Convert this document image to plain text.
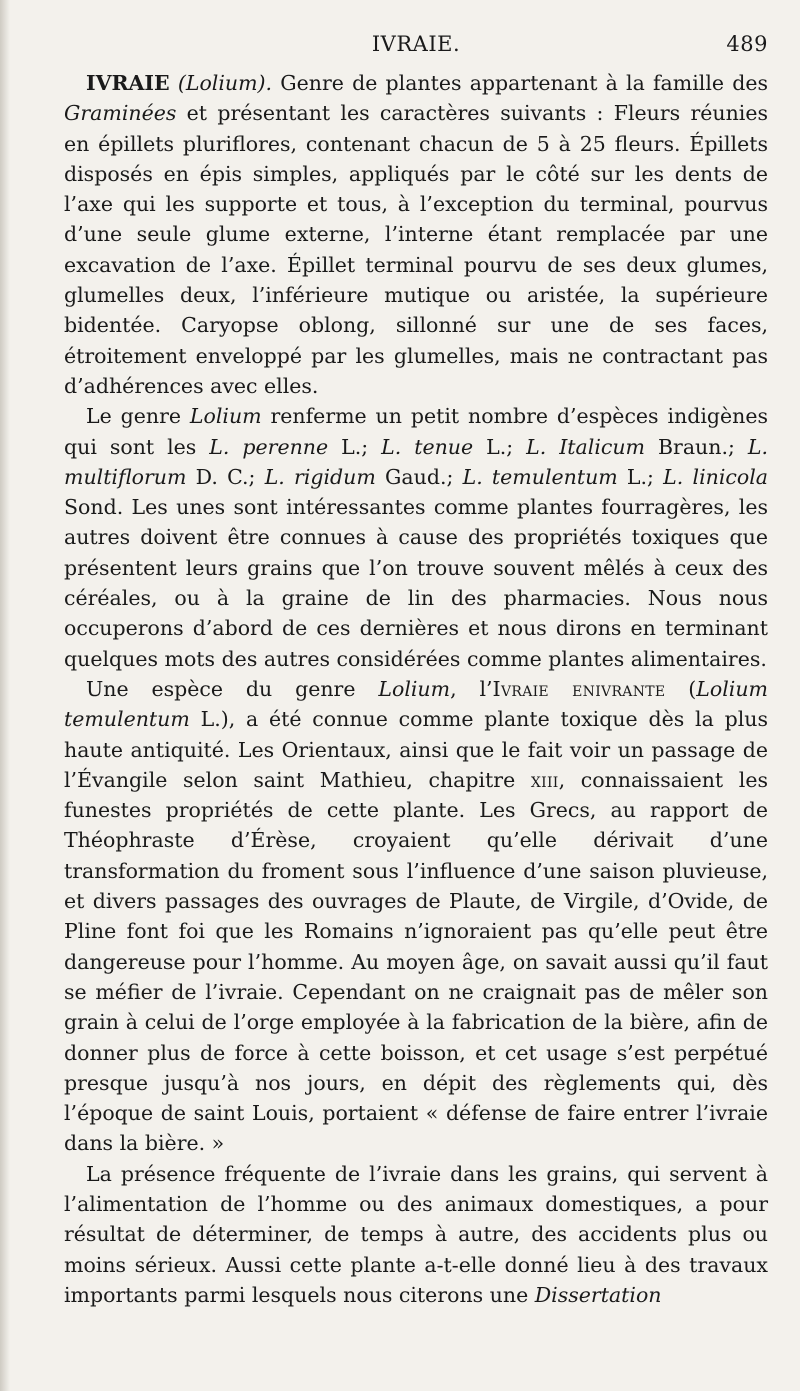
IVRAIE.	489

IVRAIE (Lolium). Genre de plantes appartenant à la famille des Graminées et présentant les caractères suivants : Fleurs réunies en épillets pluriflores, contenant chacun de 5 à 25 fleurs. Épillets disposés en épis simples, appliqués par le côté sur les dents de l’axe qui les supporte et tous, à l’exception du terminal, pourvus d’une seule glume externe, l’interne étant remplacée par une excavation de l’axe. Épillet terminal pourvu de ses deux glumes, glumelles deux, l’inférieure mutique ou aristée, la supérieure bidentée. Caryopse oblong, sillonné sur une de ses faces, étroitement enveloppé par les glumelles, mais ne contractant pas d’adhérences avec elles.

Le genre Lolium renferme un petit nombre d’espèces indigènes qui sont les L. perenne L.; L. tenue L.; L. Italicum Braun.; L. multiflorum D. C.; L. rigidum Gaud.; L. temulentum L.; L. linicola Sond. Les unes sont intéressantes comme plantes fourragères, les autres doivent être connues à cause des propriétés toxiques que présentent leurs grains que l’on trouve souvent mêlés à ceux des céréales, ou à la graine de lin des pharmacies. Nous nous occuperons d’abord de ces dernières et nous dirons en terminant quelques mots des autres considérées comme plantes alimentaires.

Une espèce du genre Lolium, l’Ivraie enivrante (Lolium temulentum L.), a été connue comme plante toxique dès la plus haute antiquité. Les Orientaux, ainsi que le fait voir un passage de l’Évangile selon saint Mathieu, chapitre xiii, connaissaient les funestes propriétés de cette plante. Les Grecs, au rapport de Théophraste d’Érèse, croyaient qu’elle dérivait d’une transformation du froment sous l’influence d’une saison pluvieuse, et divers passages des ouvrages de Plaute, de Virgile, d’Ovide, de Pline font foi que les Romains n’ignoraient pas qu’elle peut être dangereuse pour l’homme. Au moyen âge, on savait aussi qu’il faut se méfier de l’ivraie. Cependant on ne craignait pas de mêler son grain à celui de l’orge employée à la fabrication de la bière, afin de donner plus de force à cette boisson, et cet usage s’est perpétué presque jusqu’à nos jours, en dépit des règlements qui, dès l’époque de saint Louis, portaient « défense de faire entrer l’ivraie dans la bière. »

La présence fréquente de l’ivraie dans les grains, qui servent à l’alimentation de l’homme ou des animaux domestiques, a pour résultat de déterminer, de temps à autre, des accidents plus ou moins sérieux. Aussi cette plante a-t-elle donné lieu à des travaux importants parmi lesquels nous citerons une Dissertation
